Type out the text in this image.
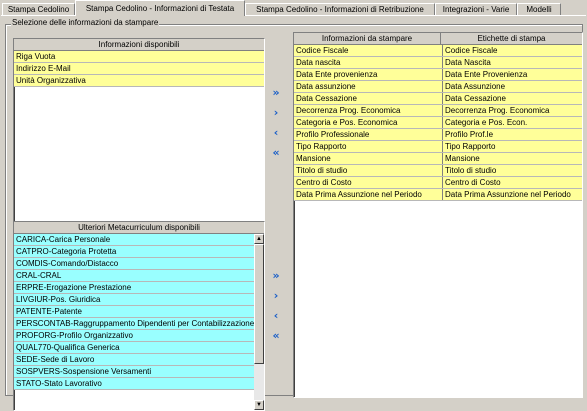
Stampa Cedolino	Stampa Cedolino - Informazioni di Testata	Stampa Cedolino - Informazioni di Retribuzione	Integrazioni - Varie	Modelli
Selezione delle informazioni da stampare
Informazioni disponibili
Riga Vuota
Indirizzo E-Mail
Unità Organizzativa
Ulteriori Metacurriculum disponibili
CARICA-Carica Personale
CATPRO-Categoria Protetta
COMDIS-Comando/Distacco
CRAL-CRAL
ERPRE-Erogazione Prestazione
LIVGIUR-Pos. Giuridica
PATENTE-Patente
PERSCONTAB-Raggruppamento Dipendenti per Contabilizzazione
PROFORG-Profilo Organizzativo
QUAL770-Qualifica Generica
SEDE-Sede di Lavoro
SOSPVERS-Sospensione Versamenti
STATO-Stato Lavorativo
▲
▼
»
›
‹
«
»
›
‹
«
Informazioni da stampare	Etichette di stampa
Codice Fiscale	Codice Fiscale
Data nascita	Data Nascita
Data Ente provenienza	Data Ente Provenienza
Data assunzione	Data Assunzione
Data Cessazione	Data Cessazione
Decorrenza Prog. Economica	Decorrenza Prog. Economica
Categoria e Pos. Economica	Categoria e Pos. Econ.
Profilo Professionale	Profilo Prof.le
Tipo Rapporto	Tipo Rapporto
Mansione	Mansione
Titolo di studio	Titolo di studio
Centro di Costo	Centro di Costo
Data Prima Assunzione nel Periodo	Data Prima Assunzione nel Periodo
